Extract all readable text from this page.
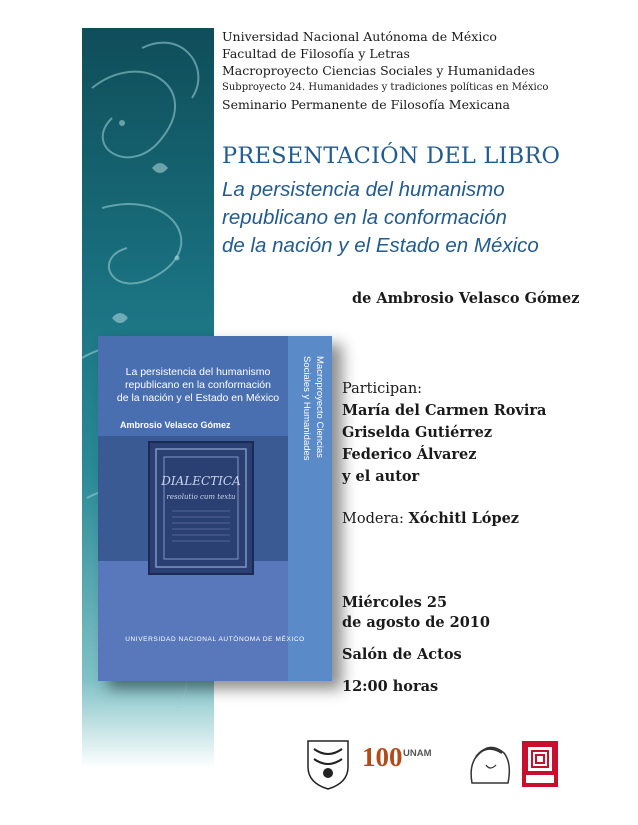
Universidad Nacional Autónoma de México
Facultad de Filosofía y Letras
Macroproyecto Ciencias Sociales y Humanidades
Subproyecto 24. Humanidades y tradiciones políticas en México
Seminario Permanente de Filosofía Mexicana
PRESENTACIÓN DEL LIBRO
La persistencia del humanismo
republicano en la conformación
de la nación y el Estado en México
de Ambrosio Velasco Gómez
La persistencia del humanismo
republicano en la conformación
de la nación y el Estado en México
Ambrosio Velasco Gómez	Macroproyecto Ciencias Sociales y Humanidades
DIALECTICA
resolutio cum textu
UNIVERSIDAD NACIONAL AUTÓNOMA DE MÉXICO
Participan:
María del Carmen Rovira
Griselda Gutiérrez
Federico Álvarez
y el autor
Modera: Xóchitl López
Miércoles 25
de agosto de 2010
Salón de Actos
12:00 horas
100 UNAM
